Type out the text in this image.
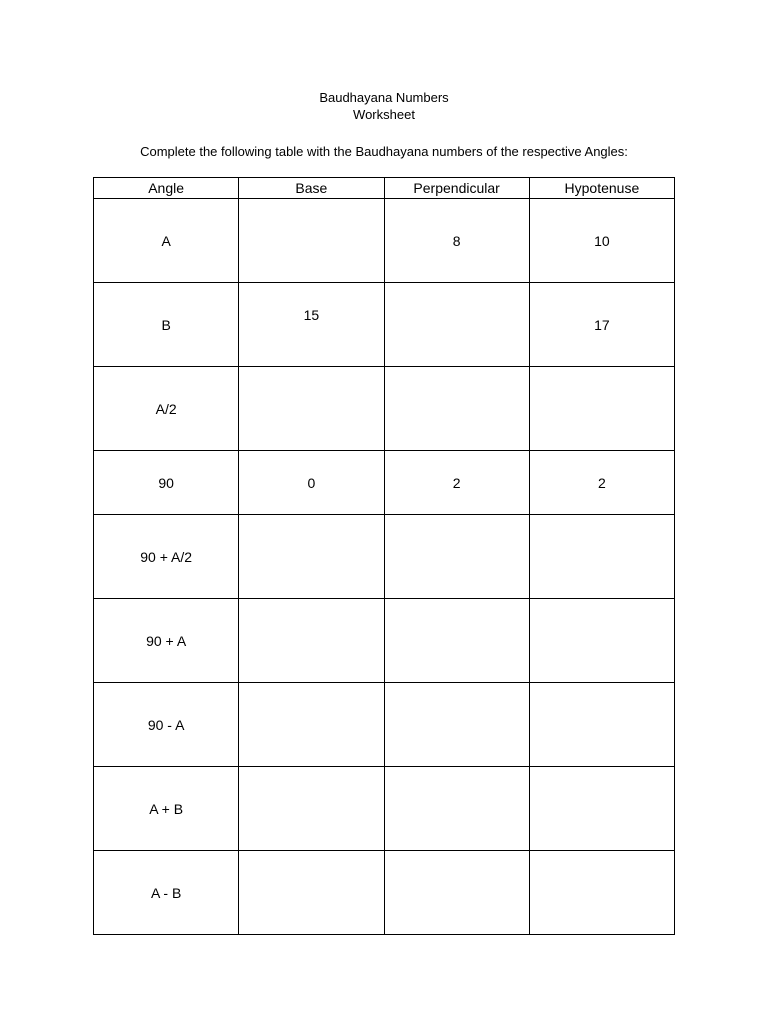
Baudhayana Numbers
Worksheet
Complete the following table with the Baudhayana numbers of the respective Angles:
Angle	Base	Perpendicular	Hypotenuse
A		8	10
B	15		17
A/2			
90	0	2	2
90 + A/2			
90 + A			
90 - A			
A + B			
A - B			
